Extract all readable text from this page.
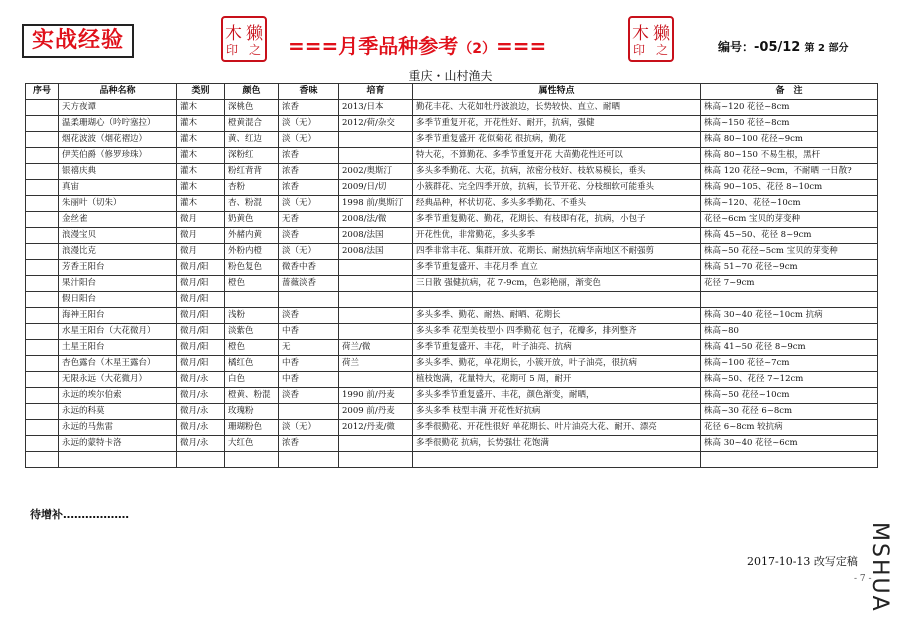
实战经验	木 獭
印 之 ===月季品种参考（2）===	木 獭
印 之	编号：-05/12 第 2 部分
重庆・山村渔夫
序号	品种名称	类别	颜色	香味	培育	属性特点	备　注
	天方夜谭	灌木	深桃色	浓香	2013/日本	勤花丰花、大花如牡丹波浪边，长势较快、直立、耐晒	株高~120 花径~8cm
	温柔珊瑚心（吟咛塞拉）	灌木	橙黄混合	淡（无）	2012/荷/杂交	多季节重复开花，开花性好、耐开，抗病，强健	株高~150 花径~8cm
	烟花波波（烟花褶边）	灌木	黄、红边	淡（无）		多季节重复盛开 花似菊花 很抗病，勤花	株高 80~100 花径~9cm
	伊芙伯爵（修罗珍珠）	灌木	深粉红	浓香		特大花，不算勤花、多季节重复开花 大苗勤花性还可以	株高 80~150 不易生根，黑杆
	银禧庆典	灌木	粉红背背	浓香	2002/奥斯汀	多头多季勤花、大花，抗病，浓密分枝好、枝软易模长，垂头	株高 120 花径~9cm，不耐晒 一日散?
	真宙	灌木	杏粉	浓香	2009/日/切	小簇群花、完全四季开放，抗病，长节开花、分枝细软可能垂头	株高 90~105、花径 8~10cm
	朱丽叶（切朱）	灌木	杏、粉混	淡（无）	1998 前/奥斯汀	经典品种，杯状切花、多头多季勤花、不垂头	株高~120、花径~10cm
	金丝雀	微月	奶黄色	无香	2008/法/微	多季节重复勤花、勤花，花期长、有枝即有花，抗病，小包子	花径~6cm 宝贝的芽变种
	浪漫宝贝	微月	外赭内黄	淡香	2008/法国	开花性优，非常勤花，多头多季	株高 45~50、花径 8~9cm
	浪漫比克	微月	外粉内橙	淡（无）	2008/法国	四季非常丰花、集群开放、花期长、耐热抗病华南地区不耐强剪	株高~50 花径~5cm 宝贝的芽变种
	芳香王阳台	微月/阳	粉色复色	微香中香		多季节重复盛开、丰花月季 直立	株高 51~70 花径~9cm
	果汁阳台	微月/阳	橙色	蔷薇淡香		三日散 强健抗病，花 7-9cm，色彩艳丽，渐变色	花径 7~9cm
	假日阳台	微月/阳					
	海神王阳台	微月/阳	浅粉	淡香		多头多季、勤花、耐热、耐晒、花期长	株高 30~40 花径~10cm 抗病
	水星王阳台（大花微月）	微月/阳	淡紫色	中香		多头多季 花型美枝型小 四季勤花 包子，花瓣多，排列整齐	株高~80
	土星王阳台	微月/阳	橙色	无	荷兰/微	多季节重复盛开、丰花， 叶子油亮、抗病	株高 41~50 花径 8~9cm
	杏色露台（木星王露台）	微月/阳	橘红色	中香	荷兰	多头多季、勤花，单花期长，小簇开放，叶子油亮，很抗病	株高~100 花径~7cm
	无限永远（大花微月）	微月/永	白色	中香		植枝饱满，花量特大，花期可 5 周，耐开	株高~50、花径 7~12cm
	永远的埃尔伯索	微月/永	橙黄、粉混	淡香	1990 前/丹麦	多头多季节重复盛开、丰花，颜色渐变，耐晒，	株高~50 花径~10cm
	永远的科莫	微月/永	玫瑰粉		2009 前/丹麦	多头多季 枝型丰满 开花性好抗病	株高~30 花径 6~8cm
	永远的马焦雷	微月/永	珊瑚粉色	淡（无）	2012/丹麦/微	多季很勤花、开花性很好 单花期长、叶片油亮大花、耐开、漂亮	花径 6~8cm 较抗病
	永远的蒙特卡洛	微月/永	大红色	浓香		多季很勤花 抗病，长势强壮 花饱满	株高 30~40 花径~6cm

待增补………………
2017-10-13 改写定稿
- 7 -
MSHUA
